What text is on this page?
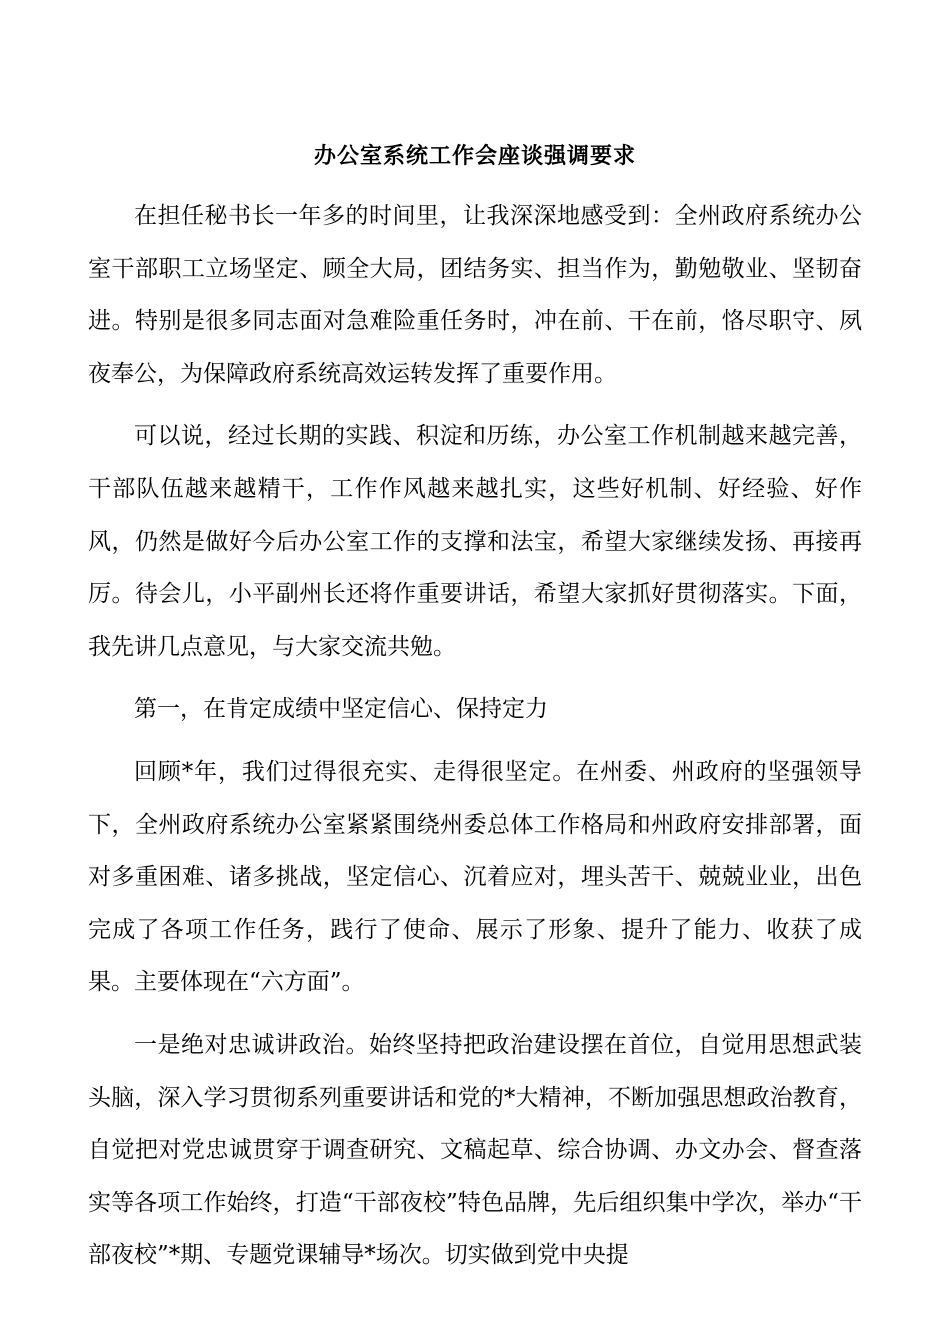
办公室系统工作会座谈强调要求

在担任秘书长一年多的时间里，让我深深地感受到：全州政府系统办公室干部职工立场坚定、顾全大局，团结务实、担当作为，勤勉敬业、坚韧奋进。特别是很多同志面对急难险重任务时，冲在前、干在前，恪尽职守、夙夜奉公，为保障政府系统高效运转发挥了重要作用。

可以说，经过长期的实践、积淀和历练，办公室工作机制越来越完善，干部队伍越来越精干，工作作风越来越扎实，这些好机制、好经验、好作风，仍然是做好今后办公室工作的支撑和法宝，希望大家继续发扬、再接再厉。待会儿，小平副州长还将作重要讲话，希望大家抓好贯彻落实。下面，我先讲几点意见，与大家交流共勉。

第一，在肯定成绩中坚定信心、保持定力

回顾*年，我们过得很充实、走得很坚定。在州委、州政府的坚强领导下，全州政府系统办公室紧紧围绕州委总体工作格局和州政府安排部署，面对多重困难、诸多挑战，坚定信心、沉着应对，埋头苦干、兢兢业业，出色完成了各项工作任务，践行了使命、展示了形象、提升了能力、收获了成果。主要体现在“六方面”。

一是绝对忠诚讲政治。始终坚持把政治建设摆在首位，自觉用思想武装头脑，深入学习贯彻系列重要讲话和党的*大精神，不断加强思想政治教育，自觉把对党忠诚贯穿于调查研究、文稿起草、综合协调、办文办会、督查落实等各项工作始终，打造“干部夜校”特色品牌，先后组织集中学次，举办“干部夜校”*期、专题党课辅导*场次。切实做到党中央提
